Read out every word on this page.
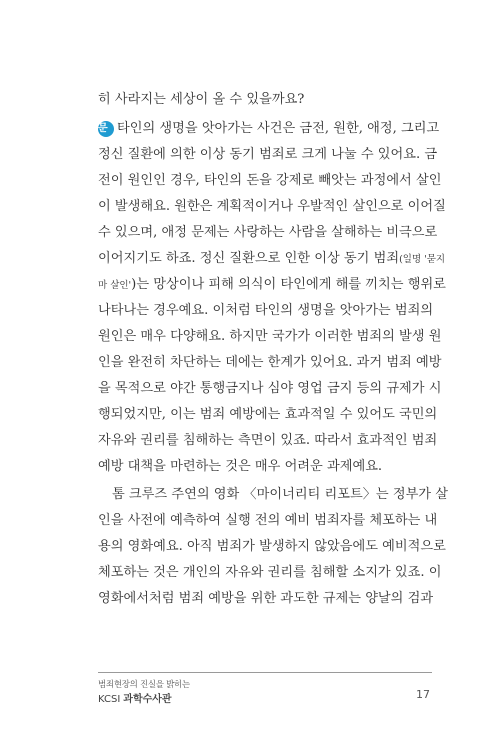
히 사라지는 세상이 올 수 있을까요?
문 타인의 생명을 앗아가는 사건은 금전, 원한, 애정, 그리고
정신 질환에 의한 이상 동기 범죄로 크게 나눌 수 있어요. 금
전이 원인인 경우, 타인의 돈을 강제로 빼앗는 과정에서 살인
이 발생해요. 원한은 계획적이거나 우발적인 살인으로 이어질
수 있으며, 애정 문제는 사랑하는 사람을 살해하는 비극으로
이어지기도 하죠. 정신 질환으로 인한 이상 동기 범죄(일명 '묻지
마 살인')는 망상이나 피해 의식이 타인에게 해를 끼치는 행위로
나타나는 경우예요. 이처럼 타인의 생명을 앗아가는 범죄의
원인은 매우 다양해요. 하지만 국가가 이러한 범죄의 발생 원
인을 완전히 차단하는 데에는 한계가 있어요. 과거 범죄 예방
을 목적으로 야간 통행금지나 심야 영업 금지 등의 규제가 시
행되었지만, 이는 범죄 예방에는 효과적일 수 있어도 국민의
자유와 권리를 침해하는 측면이 있죠. 따라서 효과적인 범죄
예방 대책을 마련하는 것은 매우 어려운 과제예요.
톰 크루즈 주연의 영화 〈마이너리티 리포트〉는 정부가 살
인을 사전에 예측하여 실행 전의 예비 범죄자를 체포하는 내
용의 영화예요. 아직 범죄가 발생하지 않았음에도 예비적으로
체포하는 것은 개인의 자유와 권리를 침해할 소지가 있죠. 이
영화에서처럼 범죄 예방을 위한 과도한 규제는 양날의 검과
범죄현장의 진실을 밝히는
KCSI 과학수사관	17
